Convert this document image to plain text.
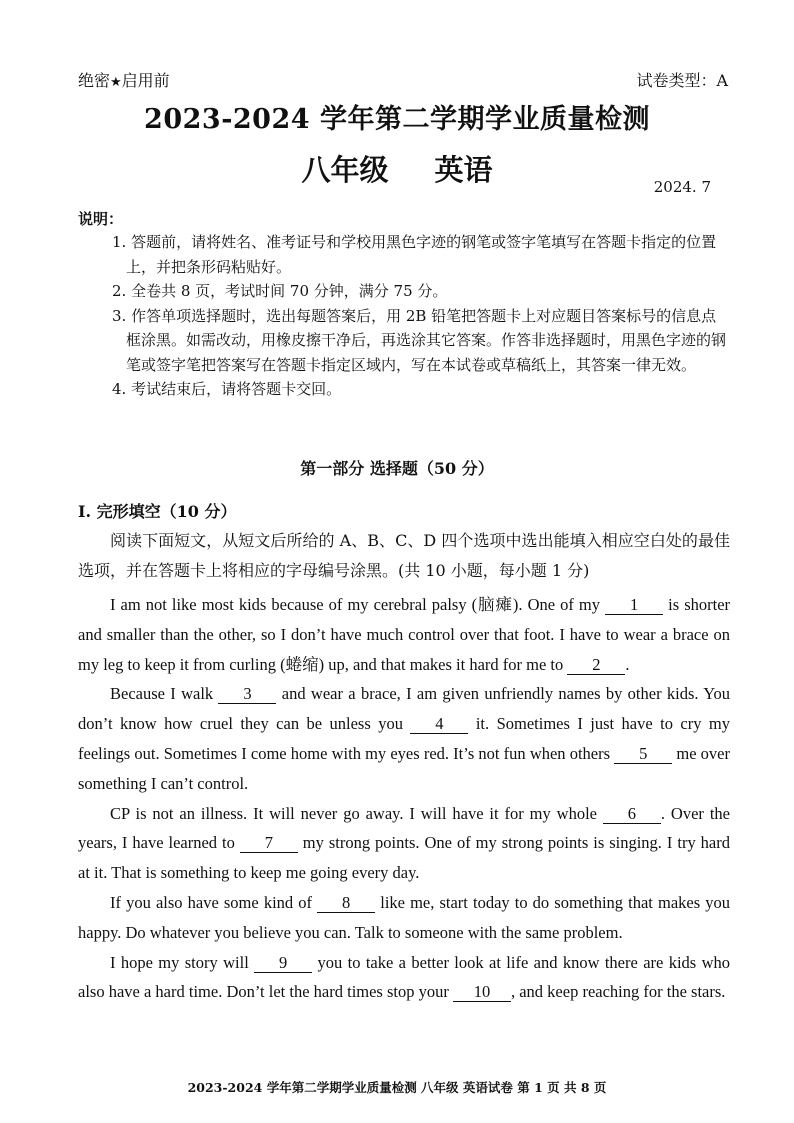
绝密★启用前	试卷类型：A
2023-2024 学年第二学期学业质量检测
八年级 英语	2024. 7
说明：
1. 答题前，请将姓名、准考证号和学校用黑色字迹的钢笔或签字笔填写在答题卡指定的位置上，并把条形码粘贴好。
2. 全卷共 8 页，考试时间 70 分钟，满分 75 分。
3. 作答单项选择题时，选出每题答案后，用 2B 铅笔把答题卡上对应题目答案标号的信息点框涂黑。如需改动，用橡皮擦干净后，再选涂其它答案。作答非选择题时，用黑色字迹的钢笔或签字笔把答案写在答题卡指定区域内，写在本试卷或草稿纸上，其答案一律无效。
4. 考试结束后，请将答题卡交回。
第一部分 选择题（50 分）
I. 完形填空（10 分）
阅读下面短文，从短文后所给的 A、B、C、D 四个选项中选出能填入相应空白处的最佳选项，并在答题卡上将相应的字母编号涂黑。(共 10 小题，每小题 1 分)

I am not like most kids because of my cerebral palsy (脑瘫). One of my 1 is shorter and smaller than the other, so I don’t have much control over that foot. I have to wear a brace on my leg to keep it from curling (蜷缩) up, and that makes it hard for me to 2 .

Because I walk 3 and wear a brace, I am given unfriendly names by other kids. You don’t know how cruel they can be unless you 4 it. Sometimes I just have to cry my feelings out. Sometimes I come home with my eyes red. It’s not fun when others 5 me over something I can’t control.

CP is not an illness. It will never go away. I will have it for my whole 6 . Over the years, I have learned to 7 my strong points. One of my strong points is singing. I try hard at it. That is something to keep me going every day.

If you also have some kind of 8 like me, start today to do something that makes you happy. Do whatever you believe you can. Talk to someone with the same problem.

I hope my story will 9 you to take a better look at life and know there are kids who also have a hard time. Don’t let the hard times stop your 10 , and keep reaching for the stars.

2023-2024 学年第二学期学业质量检测 八年级 英语试卷 第 1 页 共 8 页
